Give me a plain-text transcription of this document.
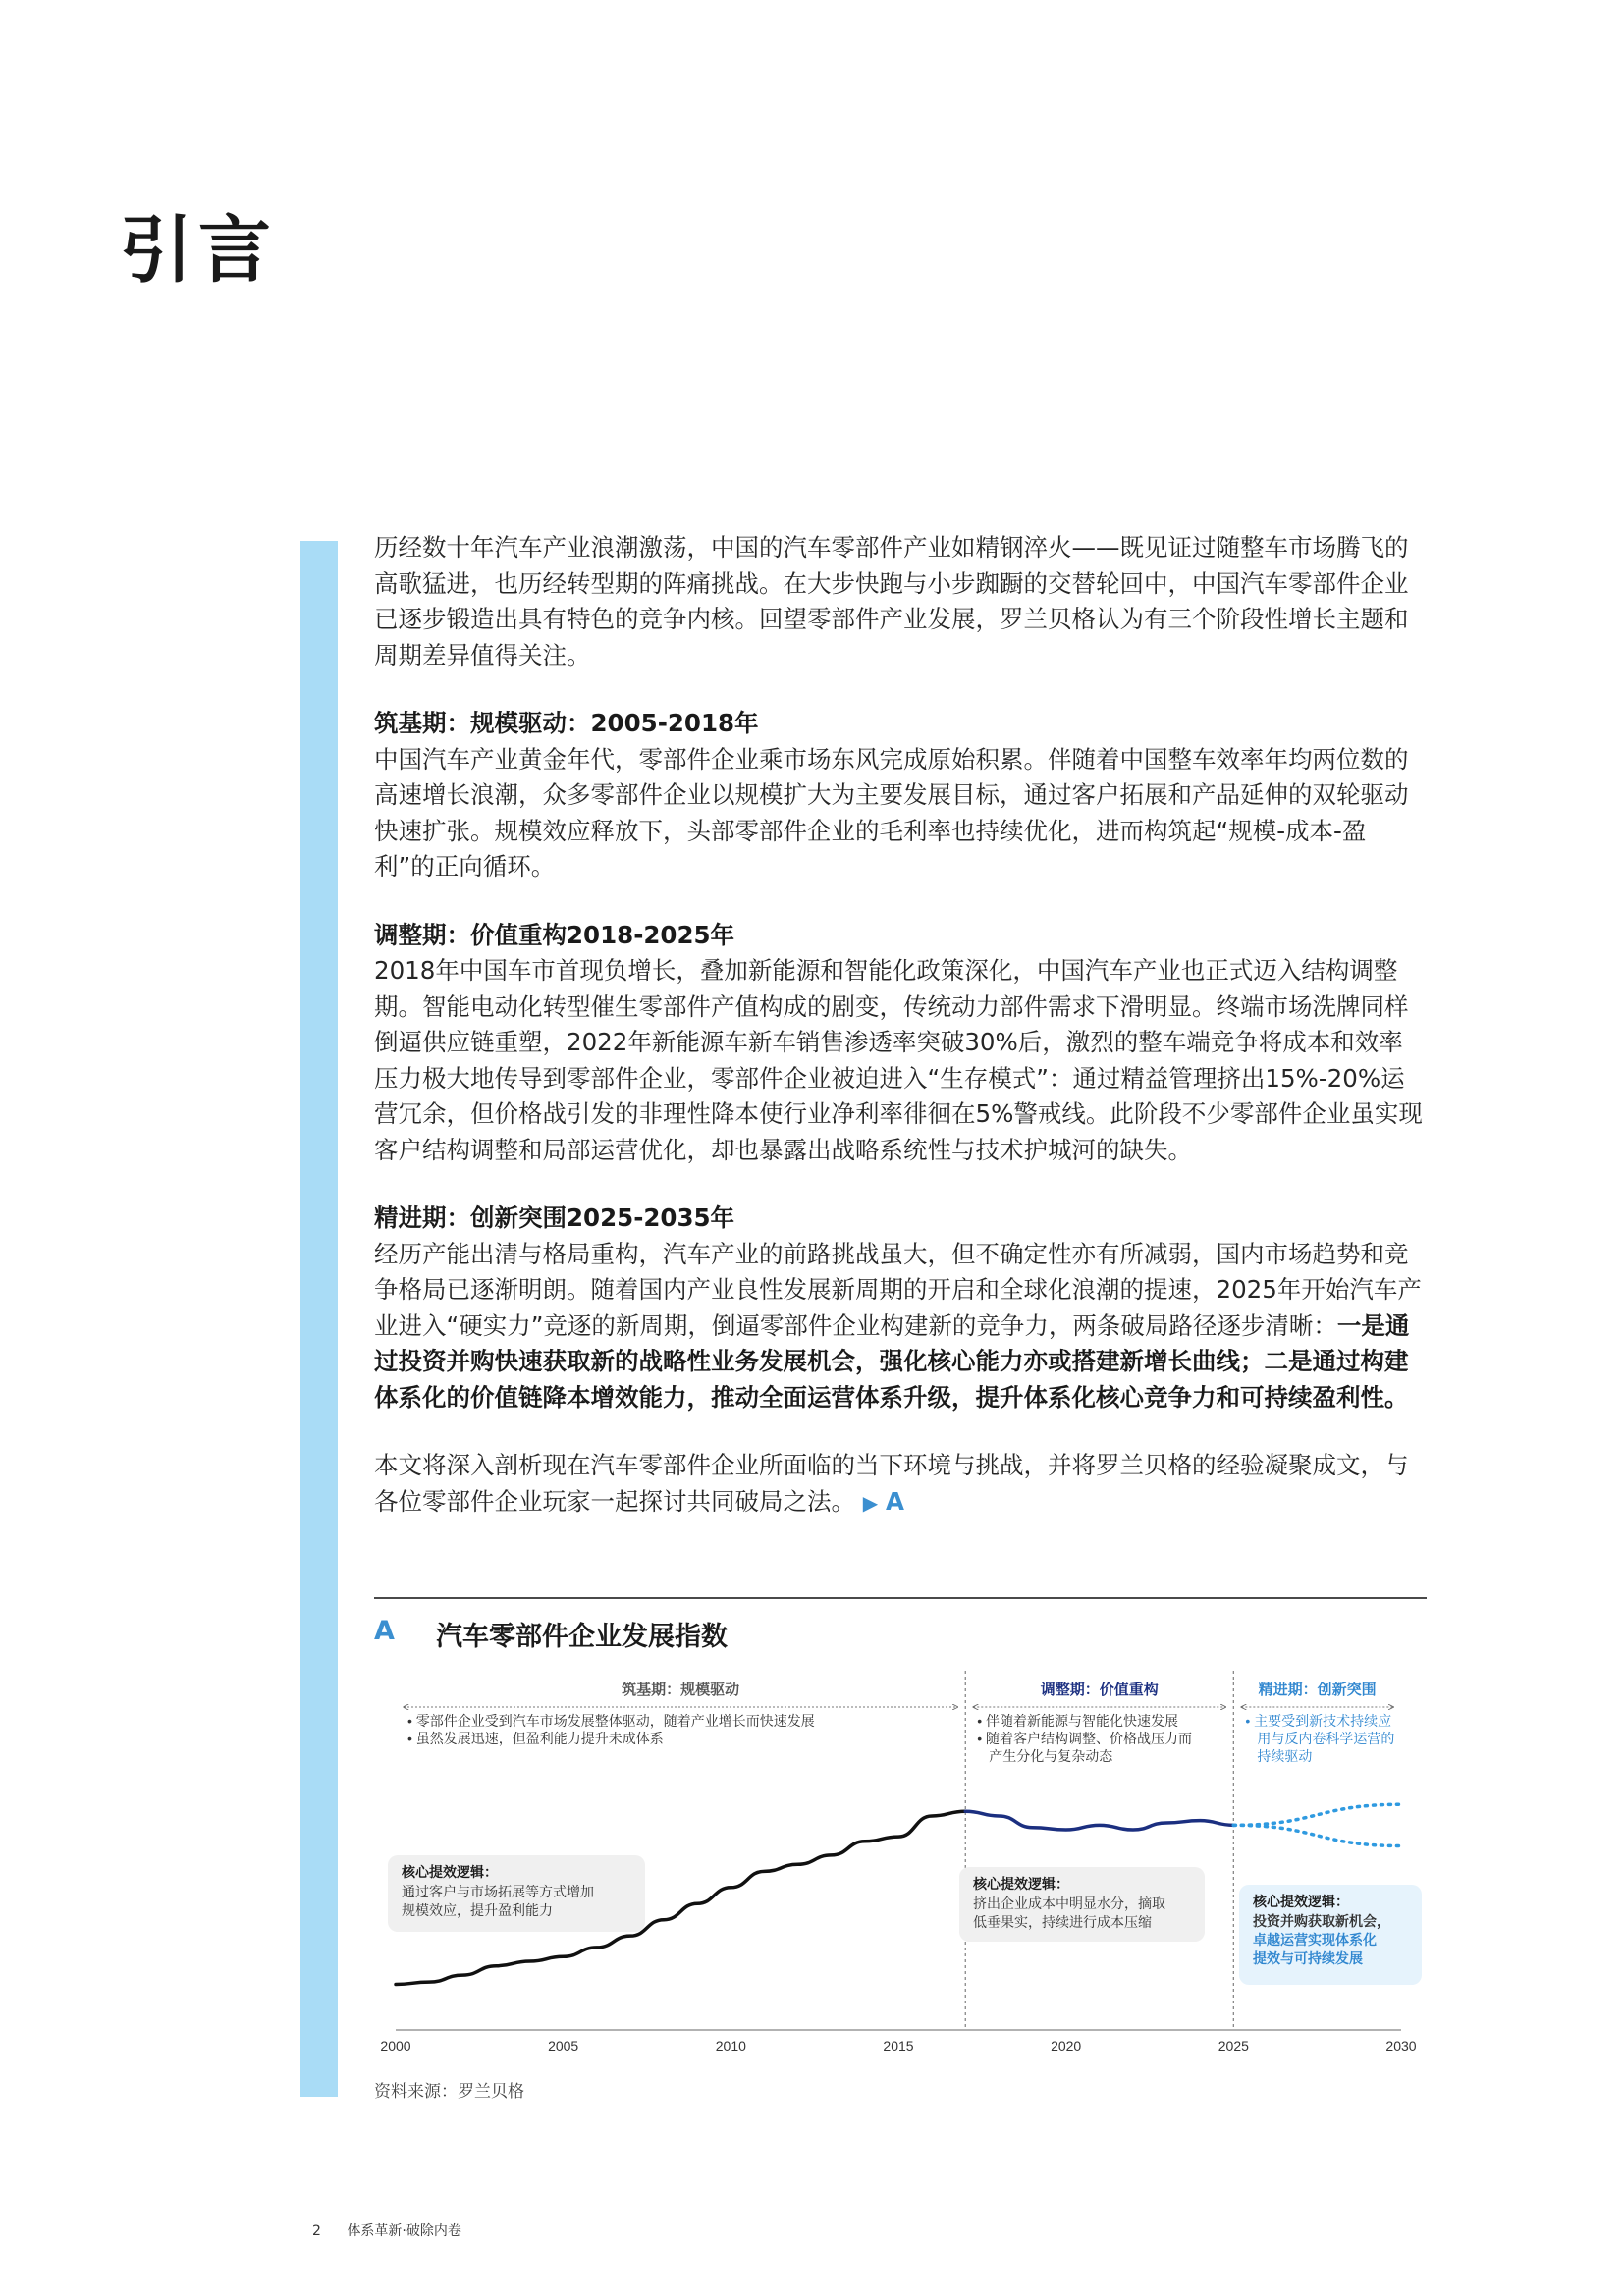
引言

历经数十年汽车产业浪潮激荡，中国的汽车零部件产业如精钢淬火——既见证过随整车市场腾飞的高歌猛进，也历经转型期的阵痛挑战。在大步快跑与小步踟蹰的交替轮回中，中国汽车零部件企业已逐步锻造出具有特色的竞争内核。回望零部件产业发展，罗兰贝格认为有三个阶段性增长主题和周期差异值得关注。

筑基期：规模驱动：2005-2018年
中国汽车产业黄金年代，零部件企业乘市场东风完成原始积累。伴随着中国整车效率年均两位数的高速增长浪潮，众多零部件企业以规模扩大为主要发展目标，通过客户拓展和产品延伸的双轮驱动快速扩张。规模效应释放下，头部零部件企业的毛利率也持续优化，进而构筑起“规模-成本-盈利”的正向循环。

调整期：价值重构2018-2025年
2018年中国车市首现负增长，叠加新能源和智能化政策深化，中国汽车产业也正式迈入结构调整期。智能电动化转型催生零部件产值构成的剧变，传统动力部件需求下滑明显。终端市场洗牌同样倒逼供应链重塑，2022年新能源车新车销售渗透率突破30%后，激烈的整车端竞争将成本和效率压力极大地传导到零部件企业，零部件企业被迫进入“生存模式”：通过精益管理挤出15%-20%运营冗余，但价格战引发的非理性降本使行业净利率徘徊在5%警戒线。此阶段不少零部件企业虽实现客户结构调整和局部运营优化，却也暴露出战略系统性与技术护城河的缺失。

精进期：创新突围2025-2035年
经历产能出清与格局重构，汽车产业的前路挑战虽大，但不确定性亦有所减弱，国内市场趋势和竞争格局已逐渐明朗。随着国内产业良性发展新周期的开启和全球化浪潮的提速，2025年开始汽车产业进入“硬实力”竞逐的新周期，倒逼零部件企业构建新的竞争力，两条破局路径逐步清晰：一是通过投资并购快速获取新的战略性业务发展机会，强化核心能力亦或搭建新增长曲线；二是通过构建体系化的价值链降本增效能力，推动全面运营体系升级，提升体系化核心竞争力和可持续盈利性。

本文将深入剖析现在汽车零部件企业所面临的当下环境与挑战，并将罗兰贝格的经验凝聚成文，与各位零部件企业玩家一起探讨共同破局之法。 ▶ A

A 汽车零部件企业发展指数
筑基期：规模驱动
• 零部件企业受到汽车市场发展整体驱动，随着产业增长而快速发展
• 虽然发展迅速，但盈利能力提升未成体系
核心提效逻辑：
通过客户与市场拓展等方式增加
规模效应，提升盈利能力
调整期：价值重构
• 伴随着新能源与智能化快速发展
• 随着客户结构调整、价格战压力而产生分化与复杂动态
核心提效逻辑：
挤出企业成本中明显水分，摘取
低垂果实，持续进行成本压缩
精进期：创新突围
• 主要受到新技术持续应用与反内卷科学运营的持续驱动
核心提效逻辑：
投资并购获取新机会，
卓越运营实现体系化
提效与可持续发展
2000	2005	2010	2015	2020	2025	2030
资料来源：罗兰贝格
2 体系革新·破除内卷
